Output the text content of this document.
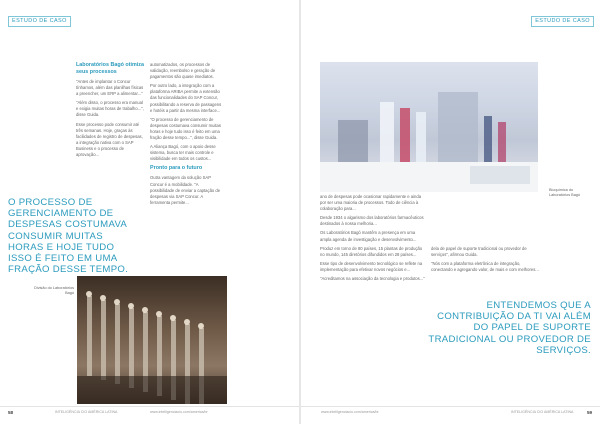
ESTUDO DE CASO
Laboratórios Bagó otimiza seus processos

"Antes de implantar o Concur tínhamos, além das planilhas físicas a preencher, um ERP a alimentar..."

"Além disso, o processo era manual e exigia muitas horas de trabalho...", disse Guida.

Esse processo pode consumir até três semanas. Hoje, graças às facilidades de registro de despesas, a integração nativa com o SAP Business e o processo de aprovação...

automatizados, os processos de validação, reembolso e geração de pagamentos são quase imediatos.

Por outro lado, a integração com a plataforma ARIBA permite a extensão das funcionalidades do SAP Concur, possibilitando a reserva de passagens e hotéis a partir da mesma interface...

"O processo de gerenciamento de despesas costumava consumir muitas horas e hoje tudo isso é feito em uma fração desse tempo...", disse Guida.

A Aliança Bagó, com o apoio desse sistema, busca ter mais controle e visibilidade em todos os custos...

Pronto para o futuro

Outra vantagem da solução SAP Concur é a mobilidade. "A possibilidade de enviar a captação de despesas via SAP Concur. A ferramenta permite...

O PROCESSO DE GERENCIAMENTO DE DESPESAS COSTUMAVA CONSUMIR MUITAS HORAS E HOJE TUDO ISSO É FEITO EM UMA FRAÇÃO DESSE TEMPO.
Divisão do Laboratórios Bagó
58	INTELIGÊNCIA CIO AMÉRICA LATINA	www.intelligenciacio.com/america/br
ESTUDO DE CASO
Bioquímica do Laboratórios Bagó

ano de despesas pode ocasionar rapidamente e ainda por ser uma maioria de processos. Todo de ciência à colaboração para...

Desde 1934 o algarismo dos laboratórios farmacêuticos destinados à nossa melhoria...

Os Laboratórios Bagó mantêm a presença em uma ampla agenda de investigação e desenvolvimento...

Produz em torno de 80 países, 15 plantas de produção no mundo, 145 diretórios difundidos em 28 países...

Esse tipo de desenvolvimento tecnológico se reflete na implementação para efetivar novos negócios e...

"Acreditamos na associação da tecnologia e produtos..."

dela de papel de suporte tradicional ou provedor de serviços", afirmou Guida.

"Nós com a plataforma eletrônica de integração, conectando e agregando valor, de mais e com melhores...

ENTENDEMOS QUE A CONTRIBUIÇÃO DA TI VAI ALÉM DO PAPEL DE SUPORTE TRADICIONAL OU PROVEDOR DE SERVIÇOS.
www.intelligenciacio.com/america/br	INTELIGÊNCIA CIO AMÉRICA LATINA	59
